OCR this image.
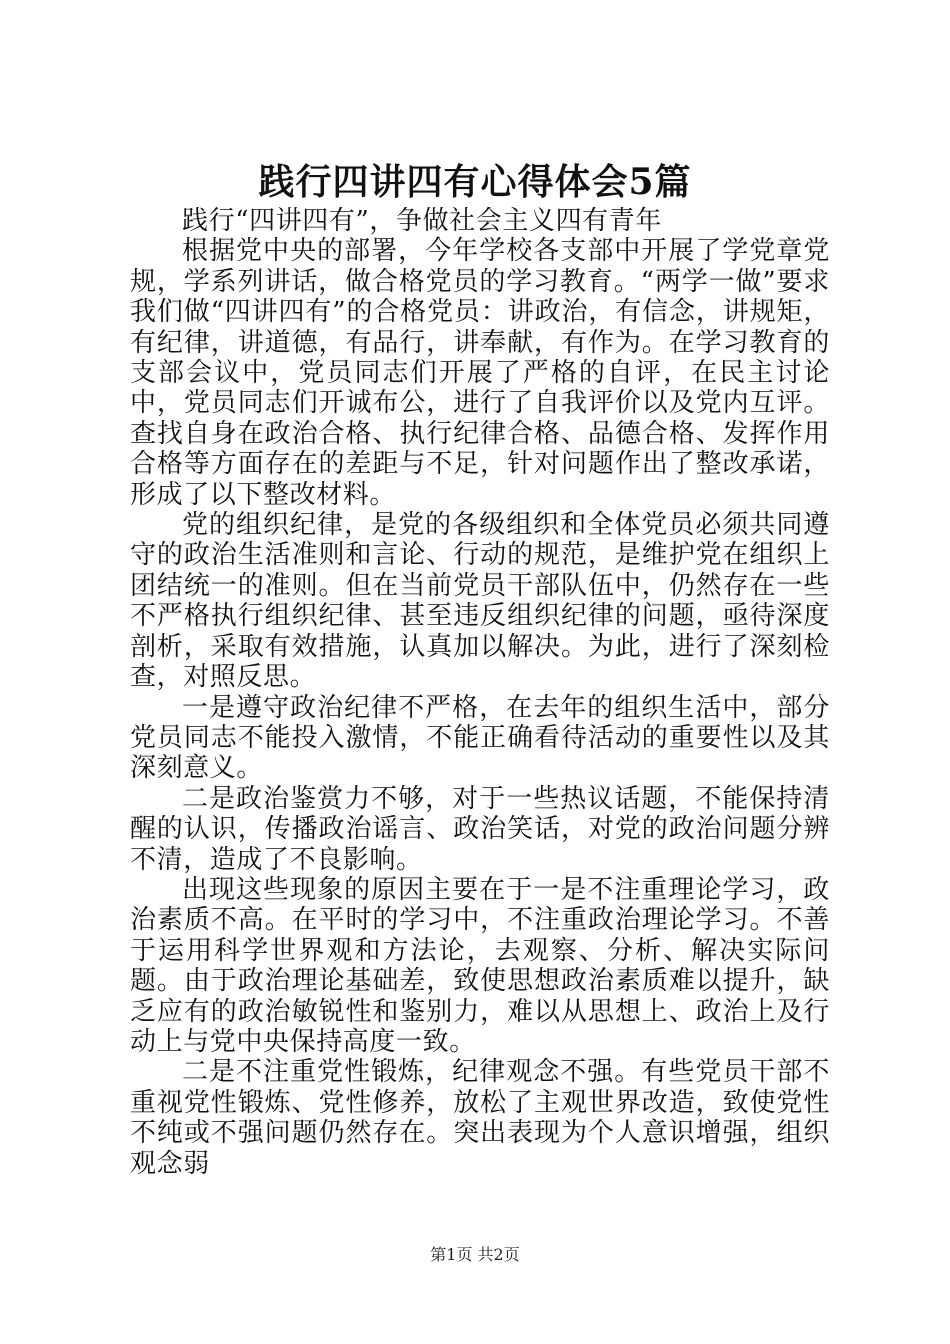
践行四讲四有心得体会5篇

践行“四讲四有”，争做社会主义四有青年

根据党中央的部署，今年学校各支部中开展了学党章党规，学系列讲话，做合格党员的学习教育。“两学一做”要求我们做“四讲四有”的合格党员：讲政治，有信念，讲规矩，有纪律，讲道德，有品行，讲奉献，有作为。在学习教育的支部会议中，党员同志们开展了严格的自评，在民主讨论中，党员同志们开诚布公，进行了自我评价以及党内互评。查找自身在政治合格、执行纪律合格、品德合格、发挥作用合格等方面存在的差距与不足，针对问题作出了整改承诺，形成了以下整改材料。

党的组织纪律，是党的各级组织和全体党员必须共同遵守的政治生活准则和言论、行动的规范，是维护党在组织上团结统一的准则。但在当前党员干部队伍中，仍然存在一些不严格执行组织纪律、甚至违反组织纪律的问题，亟待深度剖析，采取有效措施，认真加以解决。为此，进行了深刻检查，对照反思。

一是遵守政治纪律不严格，在去年的组织生活中，部分党员同志不能投入激情，不能正确看待活动的重要性以及其深刻意义。

二是政治鉴赏力不够，对于一些热议话题，不能保持清醒的认识，传播政治谣言、政治笑话，对党的政治问题分辨不清，造成了不良影响。

出现这些现象的原因主要在于一是不注重理论学习，政治素质不高。在平时的学习中，不注重政治理论学习。不善于运用科学世界观和方法论，去观察、分析、解决实际问题。由于政治理论基础差，致使思想政治素质难以提升，缺乏应有的政治敏锐性和鉴别力，难以从思想上、政治上及行动上与党中央保持高度一致。

二是不注重党性锻炼，纪律观念不强。有些党员干部不重视党性锻炼、党性修养，放松了主观世界改造，致使党性不纯或不强问题仍然存在。突出表现为个人意识增强，组织观念弱

第1页 共2页
